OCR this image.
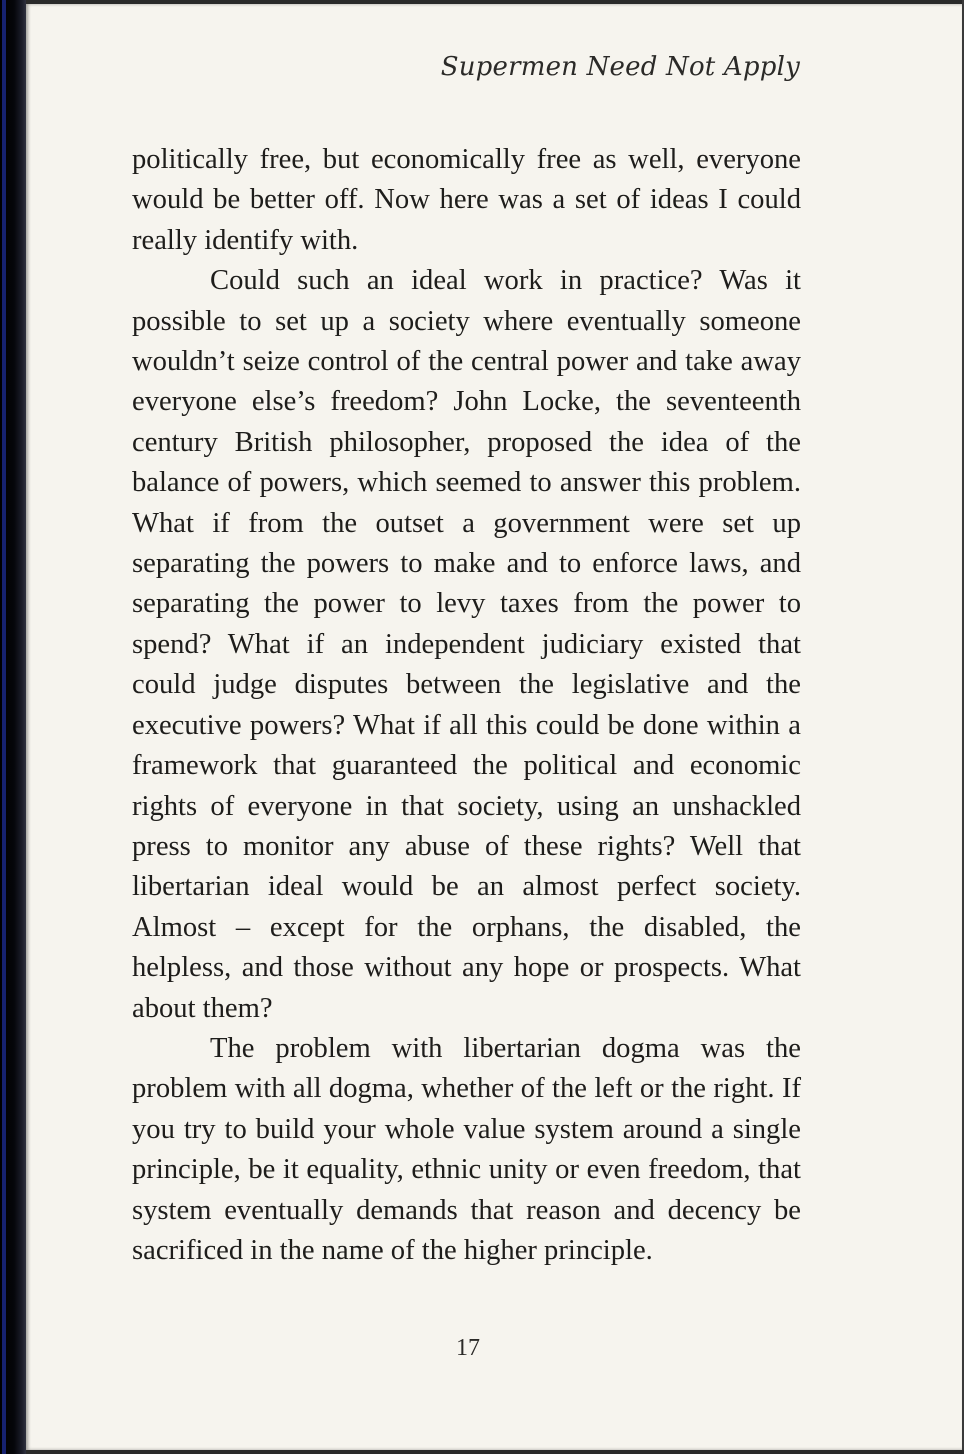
Supermen Need Not Apply

politically free, but economically free as well, everyone would be better off. Now here was a set of ideas I could really identify with.

Could such an ideal work in practice? Was it possible to set up a society where eventually someone wouldn’t seize control of the central power and take away everyone else’s freedom? John Locke, the seventeenth century British philosopher, proposed the idea of the balance of powers, which seemed to answer this problem. What if from the outset a government were set up separating the powers to make and to enforce laws, and separating the power to levy taxes from the power to spend? What if an independent judiciary existed that could judge disputes between the legislative and the executive powers? What if all this could be done within a framework that guaranteed the political and economic rights of everyone in that society, using an unshackled press to monitor any abuse of these rights? Well that libertarian ideal would be an almost perfect society. Almost – except for the orphans, the disabled, the helpless, and those without any hope or prospects. What about them?

The problem with libertarian dogma was the problem with all dogma, whether of the left or the right. If you try to build your whole value system around a single principle, be it equality, ethnic unity or even freedom, that system eventually demands that reason and decency be sacrificed in the name of the higher principle.

17
